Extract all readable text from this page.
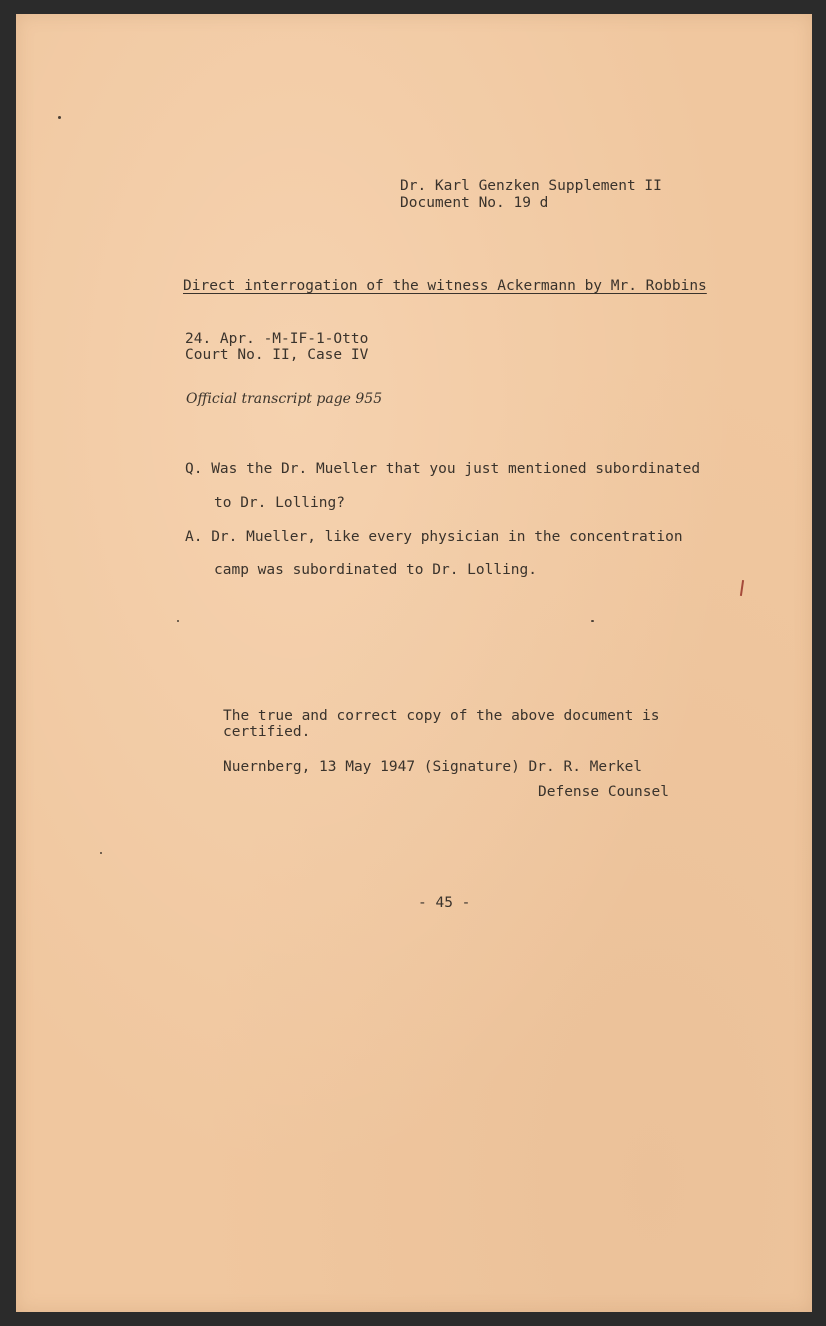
Dr. Karl Genzken Supplement II
Document No. 19 d
Direct interrogation of the witness Ackermann by Mr. Robbins
24. Apr. -M-IF-1-Otto
Court No. II, Case IV
Official transcript page 955
Q. Was the Dr. Mueller that you just mentioned subordinated
to Dr. Lolling?
A. Dr. Mueller, like every physician in the concentration
camp was subordinated to Dr. Lolling.
The true and correct copy of the above document is
certified.
Nuernberg, 13 May 1947 (Signature) Dr. R. Merkel
Defense Counsel
- 45 -
